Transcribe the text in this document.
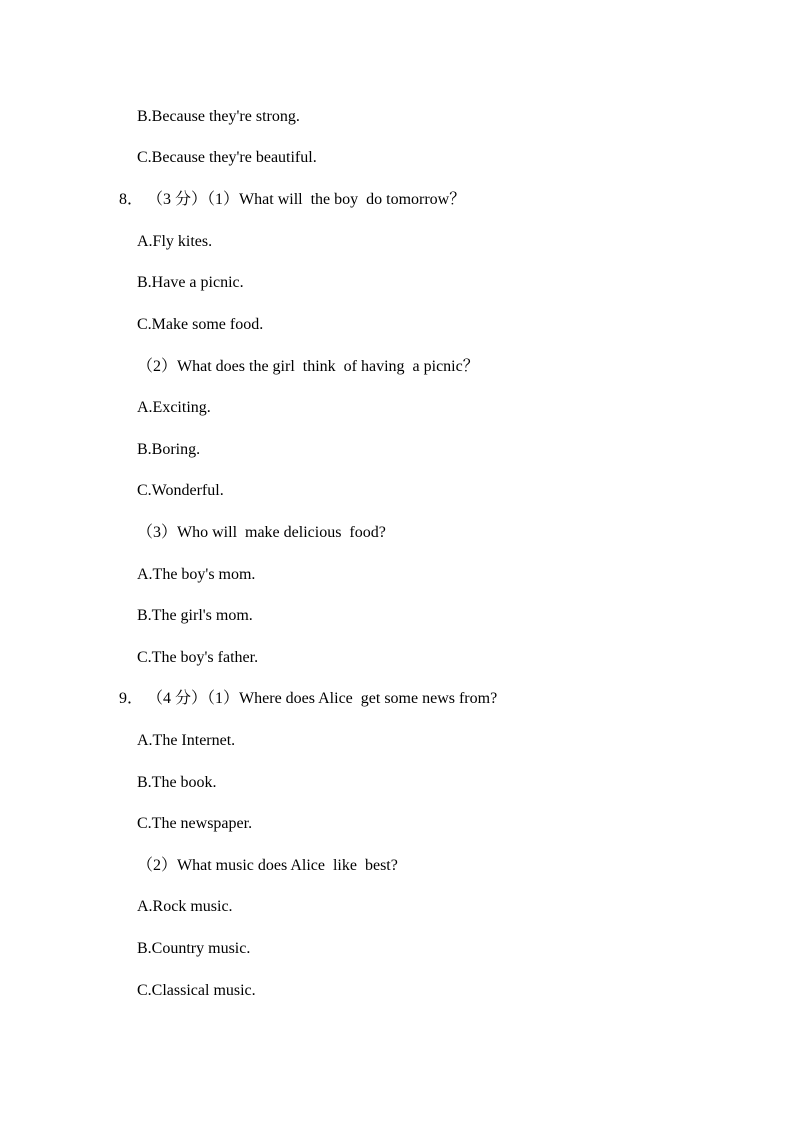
B.Because they're strong.
C.Because they're beautiful.
8． （3 分）（1）What will  the boy  do tomorrow？
A.Fly kites.
B.Have a picnic.
C.Make some food.
（2）What does the girl  think  of having  a picnic？
A.Exciting.
B.Boring.
C.Wonderful.
（3）Who will  make delicious  food?
A.The boy's mom.
B.The girl's mom.
C.The boy's father.
9． （4 分）（1）Where does Alice  get some news from?
A.The Internet.
B.The book.
C.The newspaper.
（2）What music does Alice  like  best?
A.Rock music.
B.Country music.
C.Classical music.
